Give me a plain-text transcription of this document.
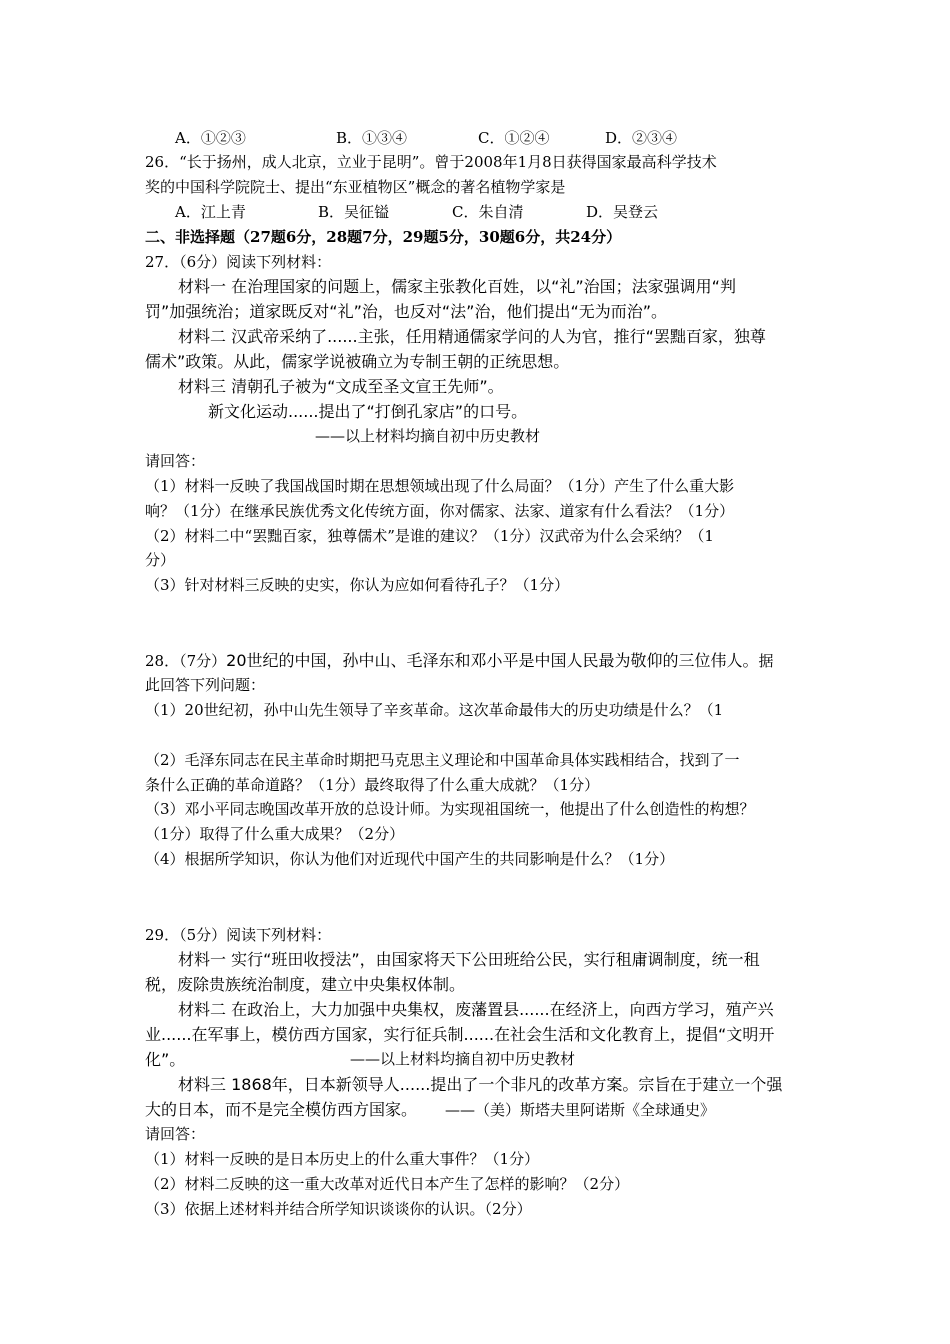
A．①②③	B．①③④	C．①②④	D．②③④
26．“长于扬州，成人北京，立业于昆明”。曾于2008年1月8日获得国家最高科学技术
奖的中国科学院院士、提出“东亚植物区”概念的著名植物学家是
A．江上青	B．吴征镒	C．朱自清	D．吴登云
二、非选择题（27题6分，28题7分，29题5分，30题6分，共24分）
27．（6分）阅读下列材料：
材料一 在治理国家的问题上，儒家主张教化百姓，以“礼”治国；法家强调用“判
罚”加强统治；道家既反对“礼”治，也反对“法”治，他们提出“无为而治”。
材料二 汉武帝采纳了......主张，任用精通儒家学问的人为官，推行“罢黜百家，独尊
儒术”政策。从此，儒家学说被确立为专制王朝的正统思想。
材料三 清朝孔子被为“文成至圣文宣王先师”。
新文化运动......提出了“打倒孔家店”的口号。
——以上材料均摘自初中历史教材
请回答：
（1）材料一反映了我国战国时期在思想领域出现了什么局面？（1分）产生了什么重大影
响？（1分）在继承民族优秀文化传统方面，你对儒家、法家、道家有什么看法？（1分）
（2）材料二中“罢黜百家，独尊儒术”是谁的建议？（1分）汉武帝为什么会采纳？（1
分）
（3）针对材料三反映的史实，你认为应如何看待孔子？（1分）
28．（7分）20世纪的中国，孙中山、毛泽东和邓小平是中国人民最为敬仰的三位伟人。据
此回答下列问题：
（1）20世纪初，孙中山先生领导了辛亥革命。这次革命最伟大的历史功绩是什么？（1
（2）毛泽东同志在民主革命时期把马克思主义理论和中国革命具体实践相结合，找到了一
条什么正确的革命道路？（1分）最终取得了什么重大成就？（1分）
（3）邓小平同志晚国改革开放的总设计师。为实现祖国统一，他提出了什么创造性的构想？
（1分）取得了什么重大成果？（2分）
（4）根据所学知识，你认为他们对近现代中国产生的共同影响是什么？（1分）
29．（5分）阅读下列材料：
材料一 实行“班田收授法”，由国家将天下公田班给公民，实行租庸调制度，统一租
税，废除贵族统治制度，建立中央集权体制。
材料二 在政治上，大力加强中央集权，废藩置县......在经济上，向西方学习，殖产兴
业......在军事上，模仿西方国家，实行征兵制......在社会生活和文化教育上，提倡“文明开
化”。	——以上材料均摘自初中历史教材
材料三 1868年，日本新领导人......提出了一个非凡的改革方案。宗旨在于建立一个强
大的日本，而不是完全模仿西方国家。 ——（美）斯塔夫里阿诺斯《全球通史》
请回答：
（1）材料一反映的是日本历史上的什么重大事件？（1分）
（2）材料二反映的这一重大改革对近代日本产生了怎样的影响？（2分）
（3）依据上述材料并结合所学知识谈谈你的认识。（2分）
